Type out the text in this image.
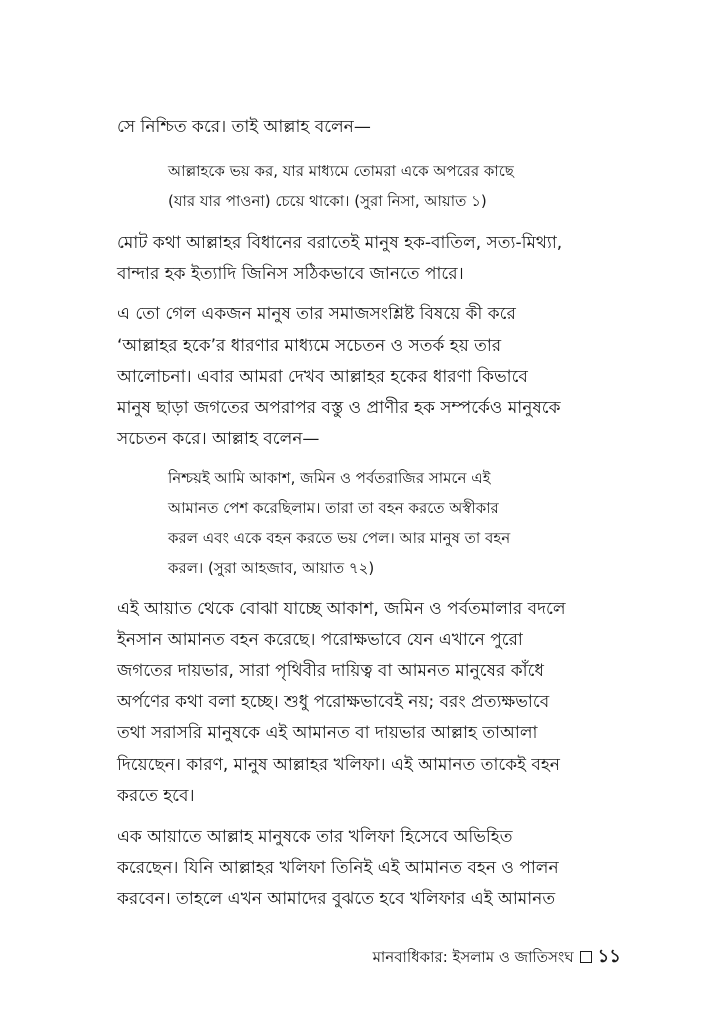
সে নিশ্চিত করে। তাই আল্লাহ বলেন—
আল্লাহকে ভয় কর, যার মাধ্যমে তোমরা একে অপরের কাছে
(যার যার পাওনা) চেয়ে থাকো। (সুরা নিসা, আয়াত ১)
মোট কথা আল্লাহর বিধানের বরাতেই মানুষ হক-বাতিল, সত্য-মিথ্যা,
বান্দার হক ইত্যাদি জিনিস সঠিকভাবে জানতে পারে।
এ তো গেল একজন মানুষ তার সমাজসংশ্লিষ্ট বিষয়ে কী করে
‘আল্লাহর হকে’র ধারণার মাধ্যমে সচেতন ও সতর্ক হয় তার
আলোচনা। এবার আমরা দেখব আল্লাহর হকের ধারণা কিভাবে
মানুষ ছাড়া জগতের অপরাপর বস্তু ও প্রাণীর হক সম্পর্কেও মানুষকে
সচেতন করে। আল্লাহ বলেন—
নিশ্চয়ই আমি আকাশ, জমিন ও পর্বতরাজির সামনে এই
আমানত পেশ করেছিলাম। তারা তা বহন করতে অস্বীকার
করল এবং একে বহন করতে ভয় পেল। আর মানুষ তা বহন
করল। (সুরা আহজাব, আয়াত ৭২)
এই আয়াত থেকে বোঝা যাচ্ছে আকাশ, জমিন ও পর্বতমালার বদলে
ইনসান আমানত বহন করেছে। পরোক্ষভাবে যেন এখানে পুরো
জগতের দায়ভার, সারা পৃথিবীর দায়িত্ব বা আমনত মানুষের কাঁধে
অর্পণের কথা বলা হচ্ছে। শুধু পরোক্ষভাবেই নয়; বরং প্রত্যক্ষভাবে
তথা সরাসরি মানুষকে এই আমানত বা দায়ভার আল্লাহ তাআলা
দিয়েছেন। কারণ, মানুষ আল্লাহর খলিফা। এই আমানত তাকেই বহন
করতে হবে।
এক আয়াতে আল্লাহ মানুষকে তার খলিফা হিসেবে অভিহিত
করেছেন। যিনি আল্লাহর খলিফা তিনিই এই আমানত বহন ও পালন
করবেন। তাহলে এখন আমাদের বুঝতে হবে খলিফার এই আমানত
মানবাধিকার: ইসলাম ও জাতিসংঘ ১১
